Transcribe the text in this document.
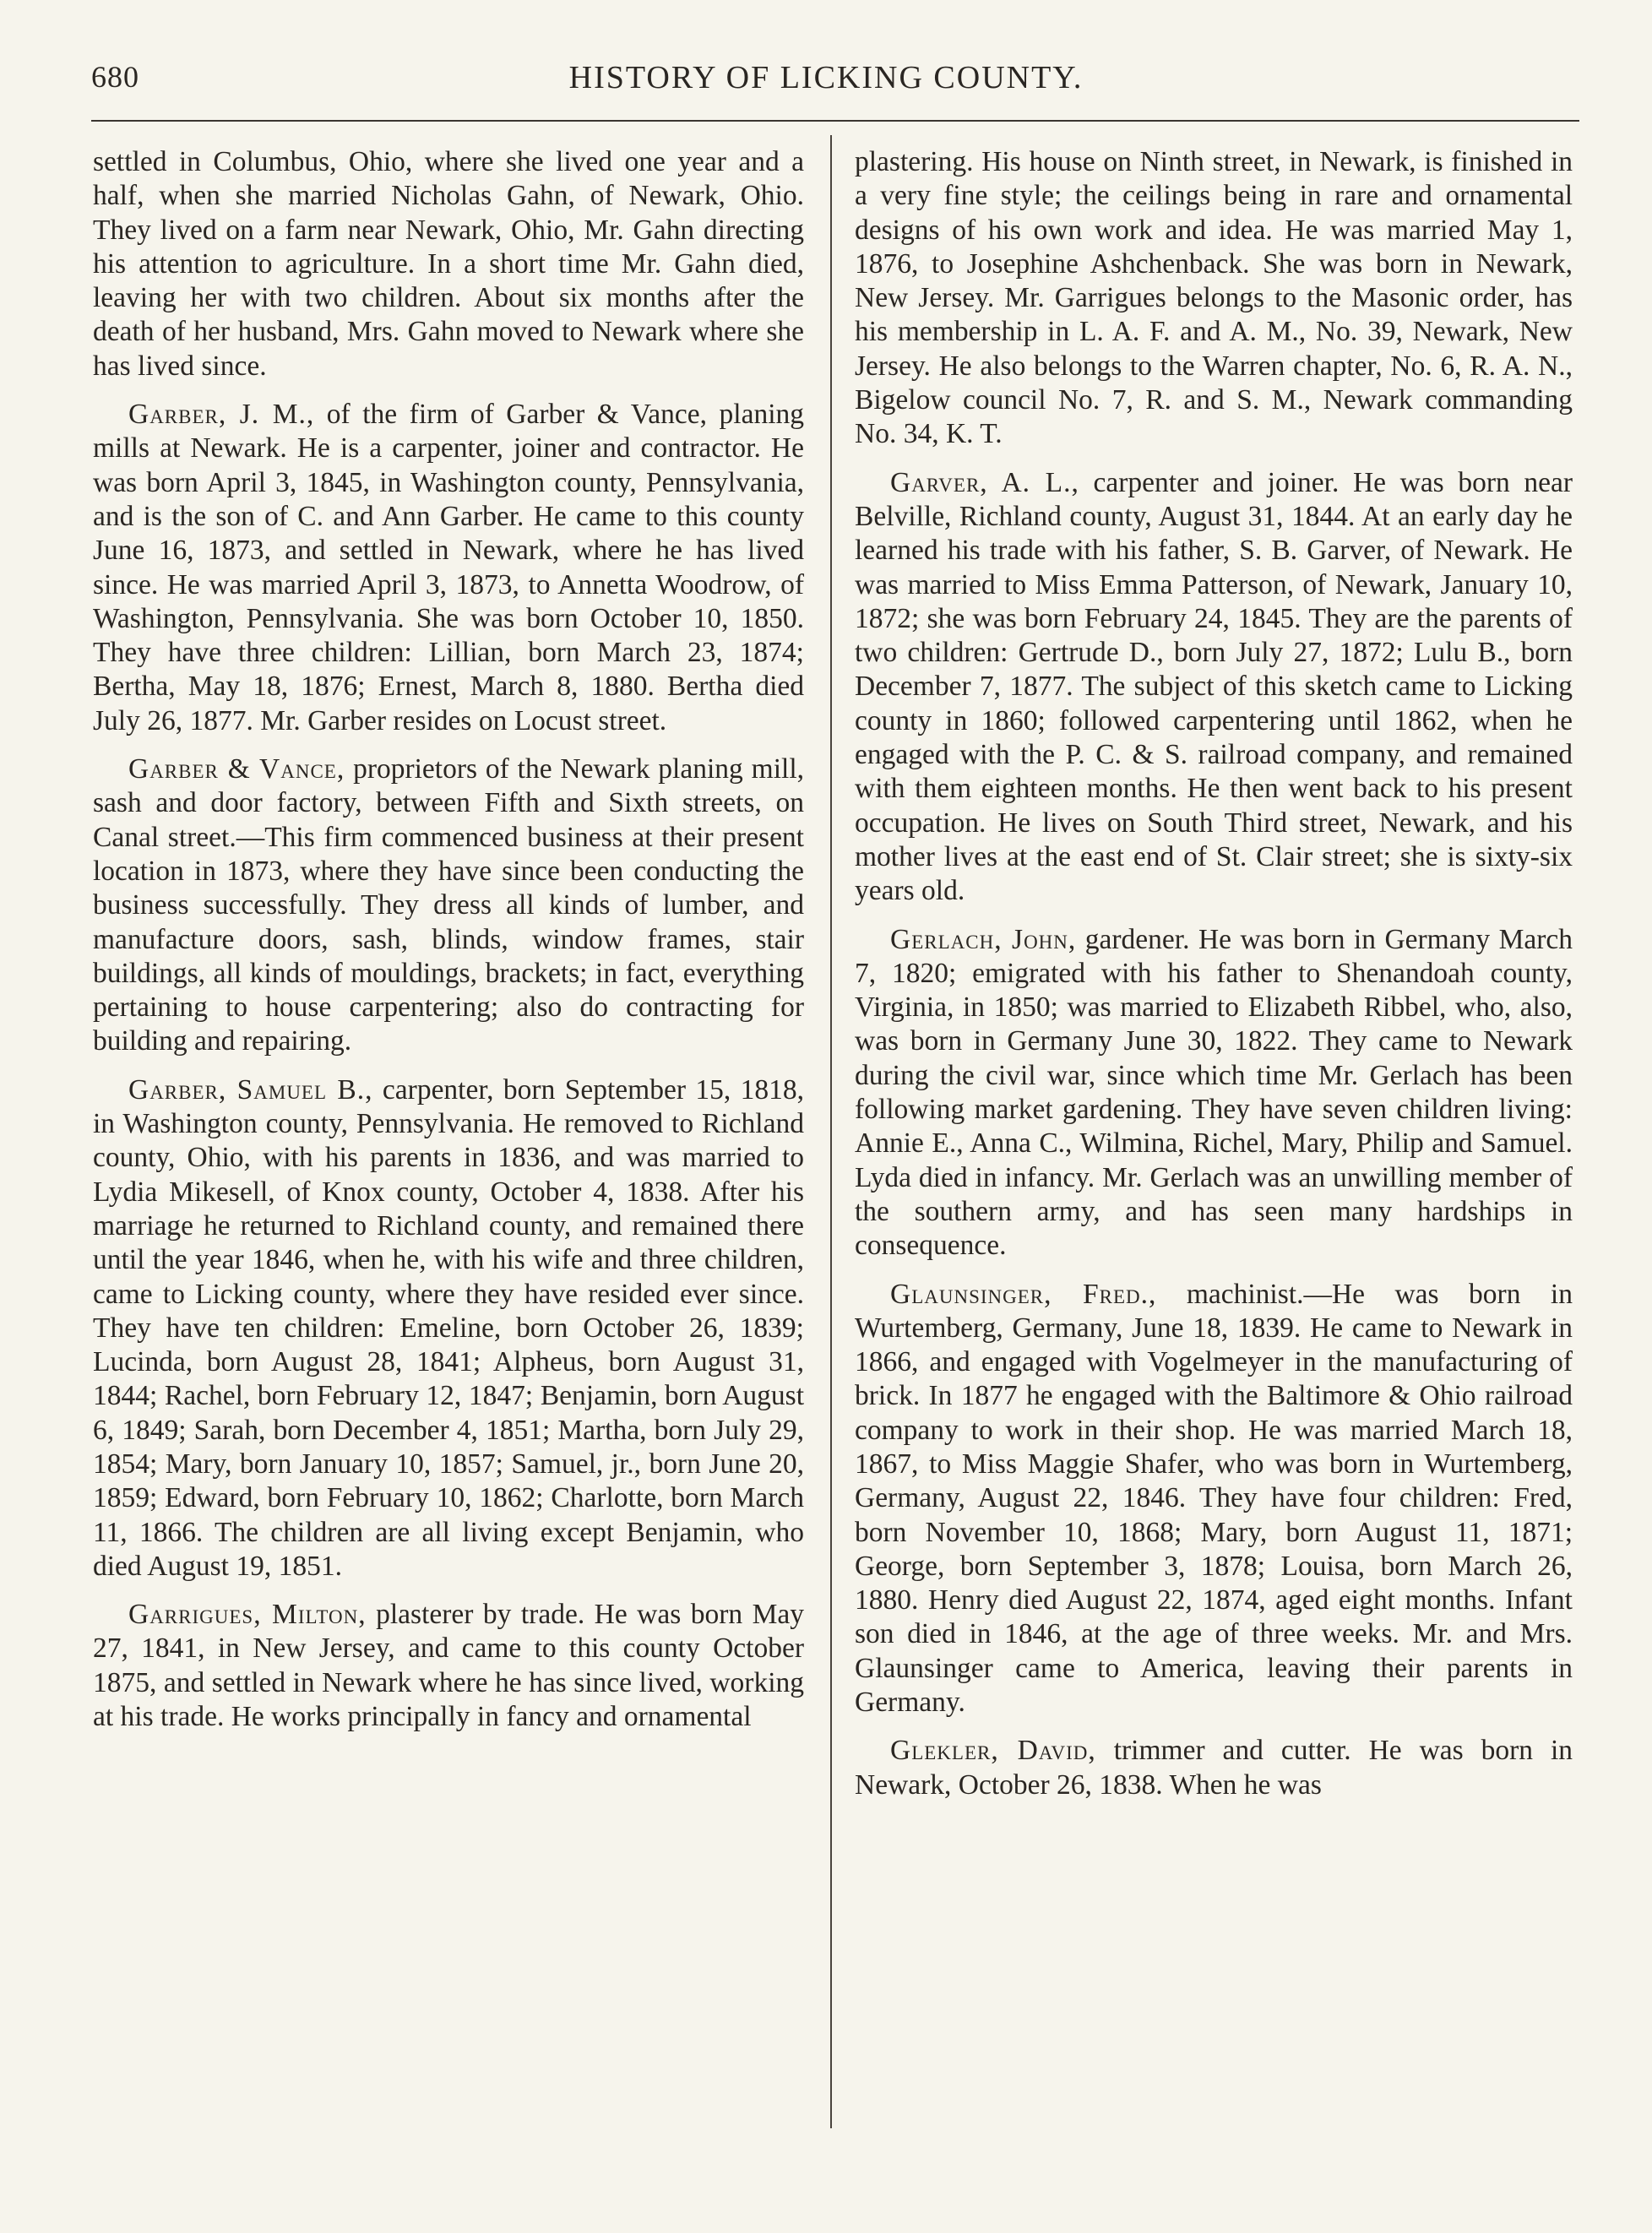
680	HISTORY OF LICKING COUNTY.

settled in Columbus, Ohio, where she lived one year and a half, when she married Nicholas Gahn, of Newark, Ohio. They lived on a farm near Newark, Ohio, Mr. Gahn directing his attention to agriculture. In a short time Mr. Gahn died, leaving her with two children. About six months after the death of her husband, Mrs. Gahn moved to Newark where she has lived since.

Garber, J. M., of the firm of Garber & Vance, planing mills at Newark. He is a carpenter, joiner and contractor. He was born April 3, 1845, in Washington county, Pennsylvania, and is the son of C. and Ann Garber. He came to this county June 16, 1873, and settled in Newark, where he has lived since. He was married April 3, 1873, to Annetta Woodrow, of Washington, Pennsylvania. She was born October 10, 1850. They have three children: Lillian, born March 23, 1874; Bertha, May 18, 1876; Ernest, March 8, 1880. Bertha died July 26, 1877. Mr. Garber resides on Locust street.

Garber & Vance, proprietors of the Newark planing mill, sash and door factory, between Fifth and Sixth streets, on Canal street.—This firm commenced business at their present location in 1873, where they have since been conducting the business successfully. They dress all kinds of lumber, and manufacture doors, sash, blinds, window frames, stair buildings, all kinds of mouldings, brackets; in fact, everything pertaining to house carpentering; also do contracting for building and repairing.

Garber, Samuel B., carpenter, born September 15, 1818, in Washington county, Pennsylvania. He removed to Richland county, Ohio, with his parents in 1836, and was married to Lydia Mikesell, of Knox county, October 4, 1838. After his marriage he returned to Richland county, and remained there until the year 1846, when he, with his wife and three children, came to Licking county, where they have resided ever since. They have ten children: Emeline, born October 26, 1839; Lucinda, born August 28, 1841; Alpheus, born August 31, 1844; Rachel, born February 12, 1847; Benjamin, born August 6, 1849; Sarah, born December 4, 1851; Martha, born July 29, 1854; Mary, born January 10, 1857; Samuel, jr., born June 20, 1859; Edward, born February 10, 1862; Charlotte, born March 11, 1866. The children are all living except Benjamin, who died August 19, 1851.

Garrigues, Milton, plasterer by trade. He was born May 27, 1841, in New Jersey, and came to this county October 1875, and settled in Newark where he has since lived, working at his trade. He works principally in fancy and ornamental

plastering. His house on Ninth street, in Newark, is finished in a very fine style; the ceilings being in rare and ornamental designs of his own work and idea. He was married May 1, 1876, to Josephine Ashchenback. She was born in Newark, New Jersey. Mr. Garrigues belongs to the Masonic order, has his membership in L. A. F. and A. M., No. 39, Newark, New Jersey. He also belongs to the Warren chapter, No. 6, R. A. N., Bigelow council No. 7, R. and S. M., Newark commanding No. 34, K. T.

Garver, A. L., carpenter and joiner. He was born near Belville, Richland county, August 31, 1844. At an early day he learned his trade with his father, S. B. Garver, of Newark. He was married to Miss Emma Patterson, of Newark, January 10, 1872; she was born February 24, 1845. They are the parents of two children: Gertrude D., born July 27, 1872; Lulu B., born December 7, 1877. The subject of this sketch came to Licking county in 1860; followed carpentering until 1862, when he engaged with the P. C. & S. railroad company, and remained with them eighteen months. He then went back to his present occupation. He lives on South Third street, Newark, and his mother lives at the east end of St. Clair street; she is sixty-six years old.

Gerlach, John, gardener. He was born in Germany March 7, 1820; emigrated with his father to Shenandoah county, Virginia, in 1850; was married to Elizabeth Ribbel, who, also, was born in Germany June 30, 1822. They came to Newark during the civil war, since which time Mr. Gerlach has been following market gardening. They have seven children living: Annie E., Anna C., Wilmina, Richel, Mary, Philip and Samuel. Lyda died in infancy. Mr. Gerlach was an unwilling member of the southern army, and has seen many hardships in consequence.

Glaunsinger, Fred., machinist.—He was born in Wurtemberg, Germany, June 18, 1839. He came to Newark in 1866, and engaged with Vogelmeyer in the manufacturing of brick. In 1877 he engaged with the Baltimore & Ohio railroad company to work in their shop. He was married March 18, 1867, to Miss Maggie Shafer, who was born in Wurtemberg, Germany, August 22, 1846. They have four children: Fred, born November 10, 1868; Mary, born August 11, 1871; George, born September 3, 1878; Louisa, born March 26, 1880. Henry died August 22, 1874, aged eight months. Infant son died in 1846, at the age of three weeks. Mr. and Mrs. Glaunsinger came to America, leaving their parents in Germany.

Glekler, David, trimmer and cutter. He was born in Newark, October 26, 1838. When he was
